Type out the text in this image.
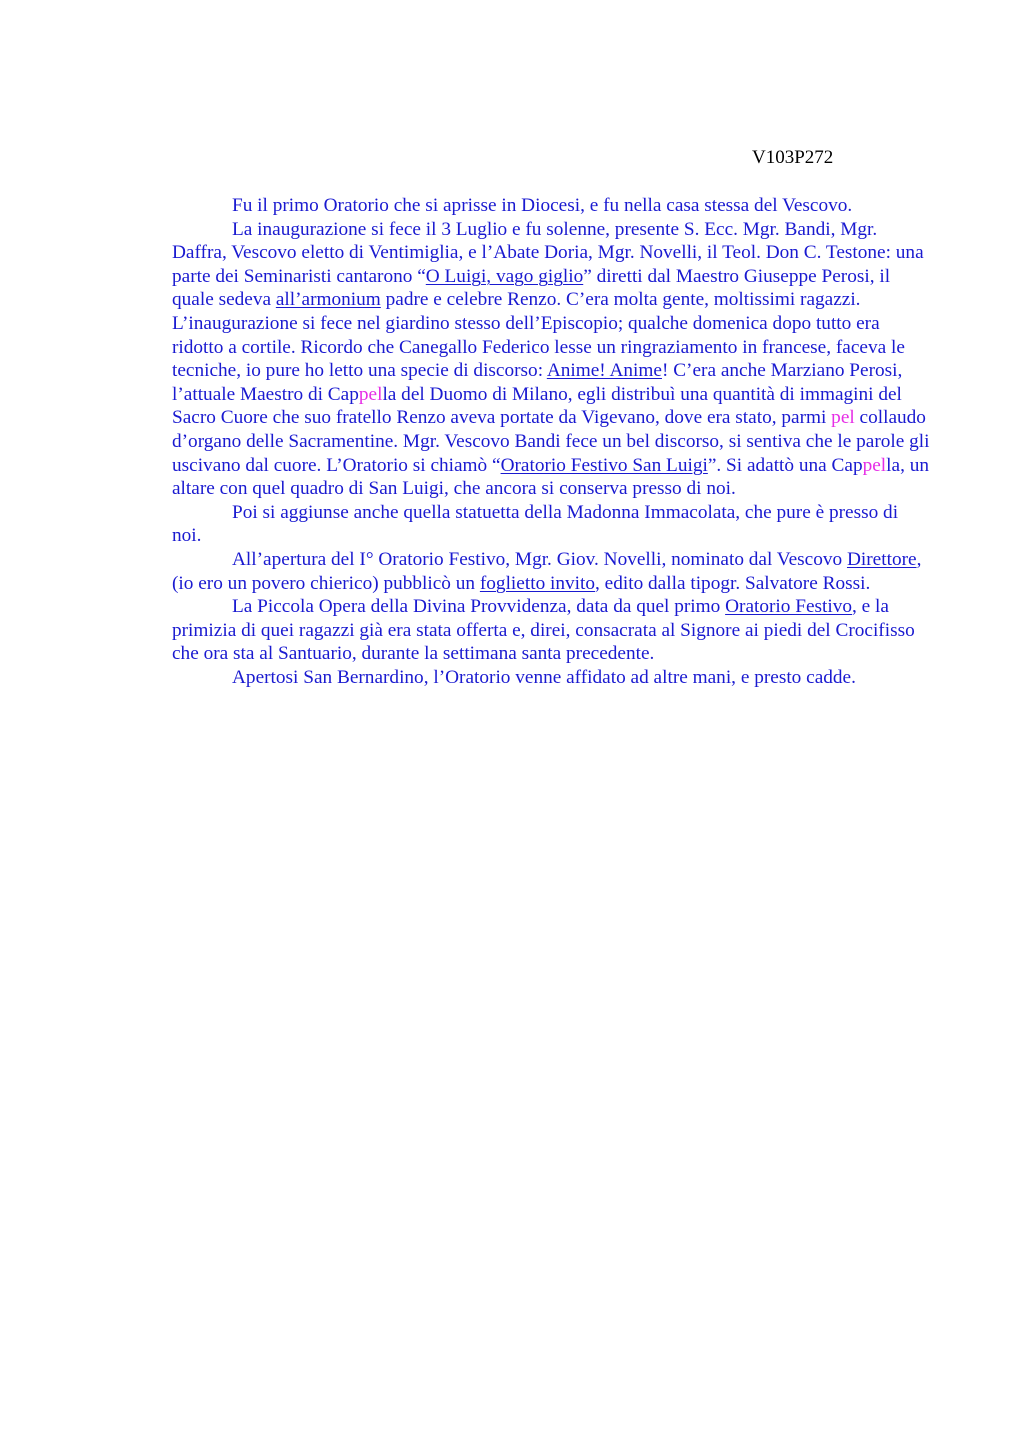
V103P272

Fu il primo Oratorio che si aprisse in Diocesi, e fu nella casa stessa del Vescovo.

La inaugurazione si fece il 3 Luglio e fu solenne, presente S. Ecc. Mgr. Bandi, Mgr. Daffra, Vescovo eletto di Ventimiglia, e l’Abate Doria, Mgr. Novelli, il Teol. Don C. Testone: una parte dei Seminaristi cantarono “O Luigi, vago giglio” diretti dal Maestro Giuseppe Perosi, il quale sedeva all’armonium padre e celebre Renzo. C’era molta gente, moltissimi ragazzi. L’inaugurazione si fece nel giardino stesso dell’Episcopio; qualche domenica dopo tutto era ridotto a cortile. Ricordo che Canegallo Federico lesse un ringraziamento in francese, faceva le tecniche, io pure ho letto una specie di discorso: Anime! Anime! C’era anche Marziano Perosi, l’attuale Maestro di Cappella del Duomo di Milano, egli distribuì una quantità di immagini del Sacro Cuore che suo fratello Renzo aveva portate da Vigevano, dove era stato, parmi pel collaudo d’organo delle Sacramentine. Mgr. Vescovo Bandi fece un bel discorso, si sentiva che le parole gli uscivano dal cuore. L’Oratorio si chiamò “Oratorio Festivo San Luigi”. Si adattò una Cappella, un altare con quel quadro di San Luigi, che ancora si conserva presso di noi.

Poi si aggiunse anche quella statuetta della Madonna Immacolata, che pure è presso di noi.

All’apertura del I° Oratorio Festivo, Mgr. Giov. Novelli, nominato dal Vescovo Direttore, (io ero un povero chierico) pubblicò un foglietto invito, edito dalla tipogr. Salvatore Rossi.

La Piccola Opera della Divina Provvidenza, data da quel primo Oratorio Festivo, e la primizia di quei ragazzi già era stata offerta e, direi, consacrata al Signore ai piedi del Crocifisso che ora sta al Santuario, durante la settimana santa precedente.

Apertosi San Bernardino, l’Oratorio venne affidato ad altre mani, e presto cadde.
